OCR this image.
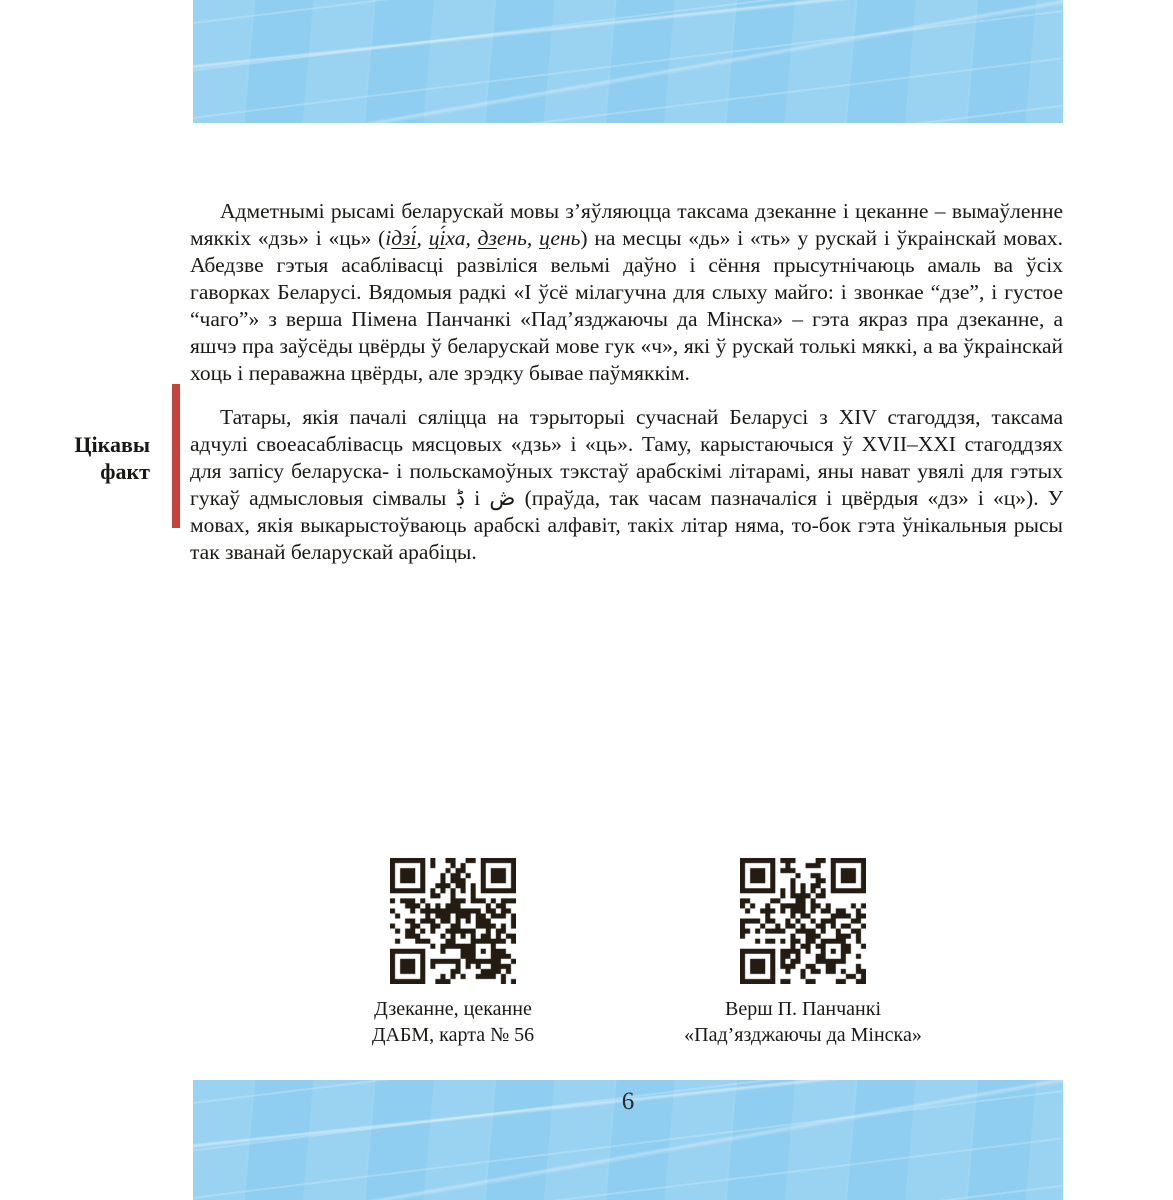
Адметнымі рысамі беларускай мовы з’яўляюцца таксама дзеканне і цеканне – вымаўленне мяккіх «дзь» і «ць» (ідзі́, ці́ха, дзень, цень) на месцы «дь» і «ть» у рускай і ўкраінскай мовах. Абедзве гэтыя асаблівасці развіліся вельмі даўно і сёння прысутнічаюць амаль ва ўсіх гаворках Беларусі. Вядомыя радкі «І ўсё мілагучна для слыху майго: і звонкае “дзе”, і густое “чаго”» з верша Пімена Панчанкі «Пад’язджаючы да Мінска» – гэта якраз пра дзеканне, а яшчэ пра заўсёды цвёрды ў беларускай мове гук «ч», які ў рускай толькі мяккі, а ва ўкраінскай хоць і пераважна цвёрды, але зрэдку бывае паўмяккім.

Цікавы
факт

Татары, якія пачалі сяліцца на тэрыторыі сучаснай Беларусі з XIV стагоддзя, таксама адчулі своеасаблівасць мясцовых «дзь» і «ць». Таму, карыстаючыся ў XVII–XXI стагоддзях для запісу беларуска- і польскамоўных тэкстаў арабскімі літарамі, яны нават увялі для гэтых гукаў адмысловыя сімвалы ڋ і ڞ (праўда, так часам пазначаліся і цвёрдыя «дз» і «ц»). У мовах, якія выкарыстоўваюць арабскі алфавіт, такіх літар няма, то-бок гэта ўнікальныя рысы так званай беларускай арабіцы.

Дзеканне, цеканне
ДАБМ, карта № 56
Верш П. Панчанкі
«Пад’язджаючы да Мінска»
6
